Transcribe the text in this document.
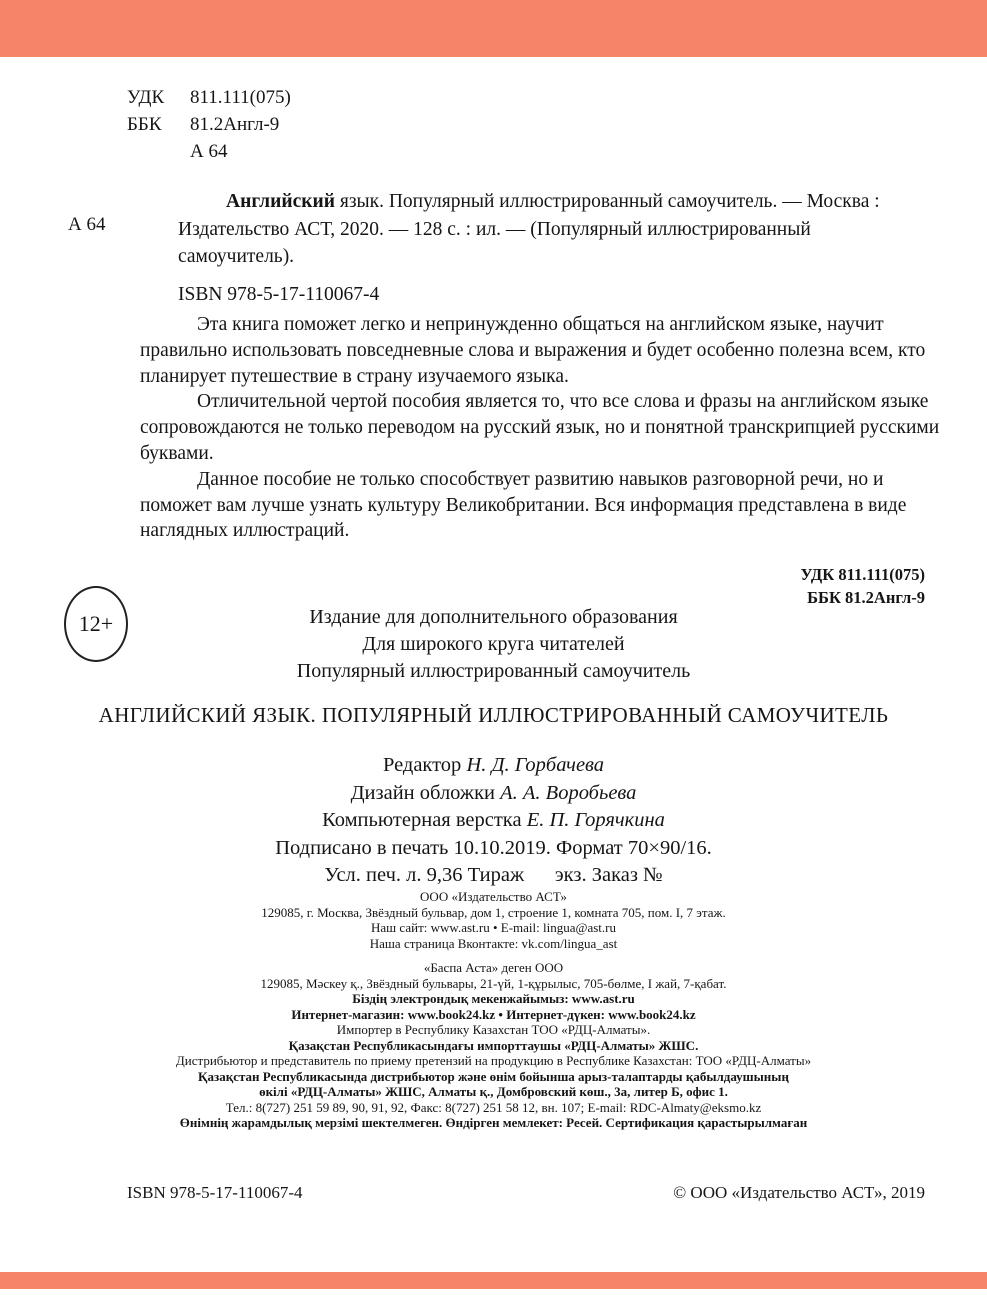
УДК 811.111(075)
ББК 81.2Англ-9
А 64
А 64

Английский язык. Популярный иллюстрированный самоучитель. — Москва : Издательство АСТ, 2020. — 128 с. : ил. — (Популярный иллюстрированный самоучитель).

ISBN 978-5-17-110067-4

Эта книга поможет легко и непринужденно общаться на английском языке, научит правильно использовать повседневные слова и выражения и будет особенно полезна всем, кто планирует путешествие в страну изучаемого языка.

Отличительной чертой пособия является то, что все слова и фразы на английском языке сопровождаются не только переводом на русский язык, но и понятной транскрипцией русскими буквами.

Данное пособие не только способствует развитию навыков разговорной речи, но и поможет вам лучше узнать культуру Великобритании. Вся информация представлена в виде наглядных иллюстраций.

УДК 811.111(075)
ББК 81.2Англ-9
12+	Издание для дополнительного образования
Для широкого круга читателей
Популярный иллюстрированный самоучитель
АНГЛИЙСКИЙ ЯЗЫК. ПОПУЛЯРНЫЙ ИЛЛЮСТРИРОВАННЫЙ САМОУЧИТЕЛЬ
Редактор Н. Д. Горбачева
Дизайн обложки А. А. Воробьева
Компьютерная верстка Е. П. Горячкина
Подписано в печать 10.10.2019. Формат 70×90/16.
Усл. печ. л. 9,36 Тираж      экз. Заказ №
ООО «Издательство АСТ»
129085, г. Москва, Звёздный бульвар, дом 1, строение 1, комната 705, пом. I, 7 этаж.
Наш сайт: www.ast.ru • E-mail: lingua@ast.ru
Наша страница Вконтакте: vk.com/lingua_ast
«Баспа Аста» деген ООО
129085, Мәскеу қ., Звёздный бульвары, 21-үй, 1-құрылыс, 705-бөлме, I жай, 7-қабат.
Біздің электрондық мекенжайымыз: www.ast.ru
Интернет-магазин: www.book24.kz • Интернет-дүкен: www.book24.kz
Импортер в Республику Казахстан ТОО «РДЦ-Алматы».
Қазақстан Республикасындағы импорттаушы «РДЦ-Алматы» ЖШС.
Дистрибьютор и представитель по приему претензий на продукцию в Республике Казахстан: ТОО «РДЦ-Алматы»
Қазақстан Республикасында дистрибьютор және өнім бойынша арыз-талаптарды қабылдаушының
өкілі «РДЦ-Алматы» ЖШС, Алматы қ., Домбровский көш., 3а, литер Б, офис 1.
Тел.: 8(727) 251 59 89, 90, 91, 92, Факс: 8(727) 251 58 12, вн. 107; E-mail: RDC-Almaty@eksmo.kz
Өнімнің жарамдылық мерзімі шектелмеген. Өндірген мемлекет: Ресей. Сертификация қарастырылмаған
ISBN 978-5-17-110067-4	© ООО «Издательство АСТ», 2019
